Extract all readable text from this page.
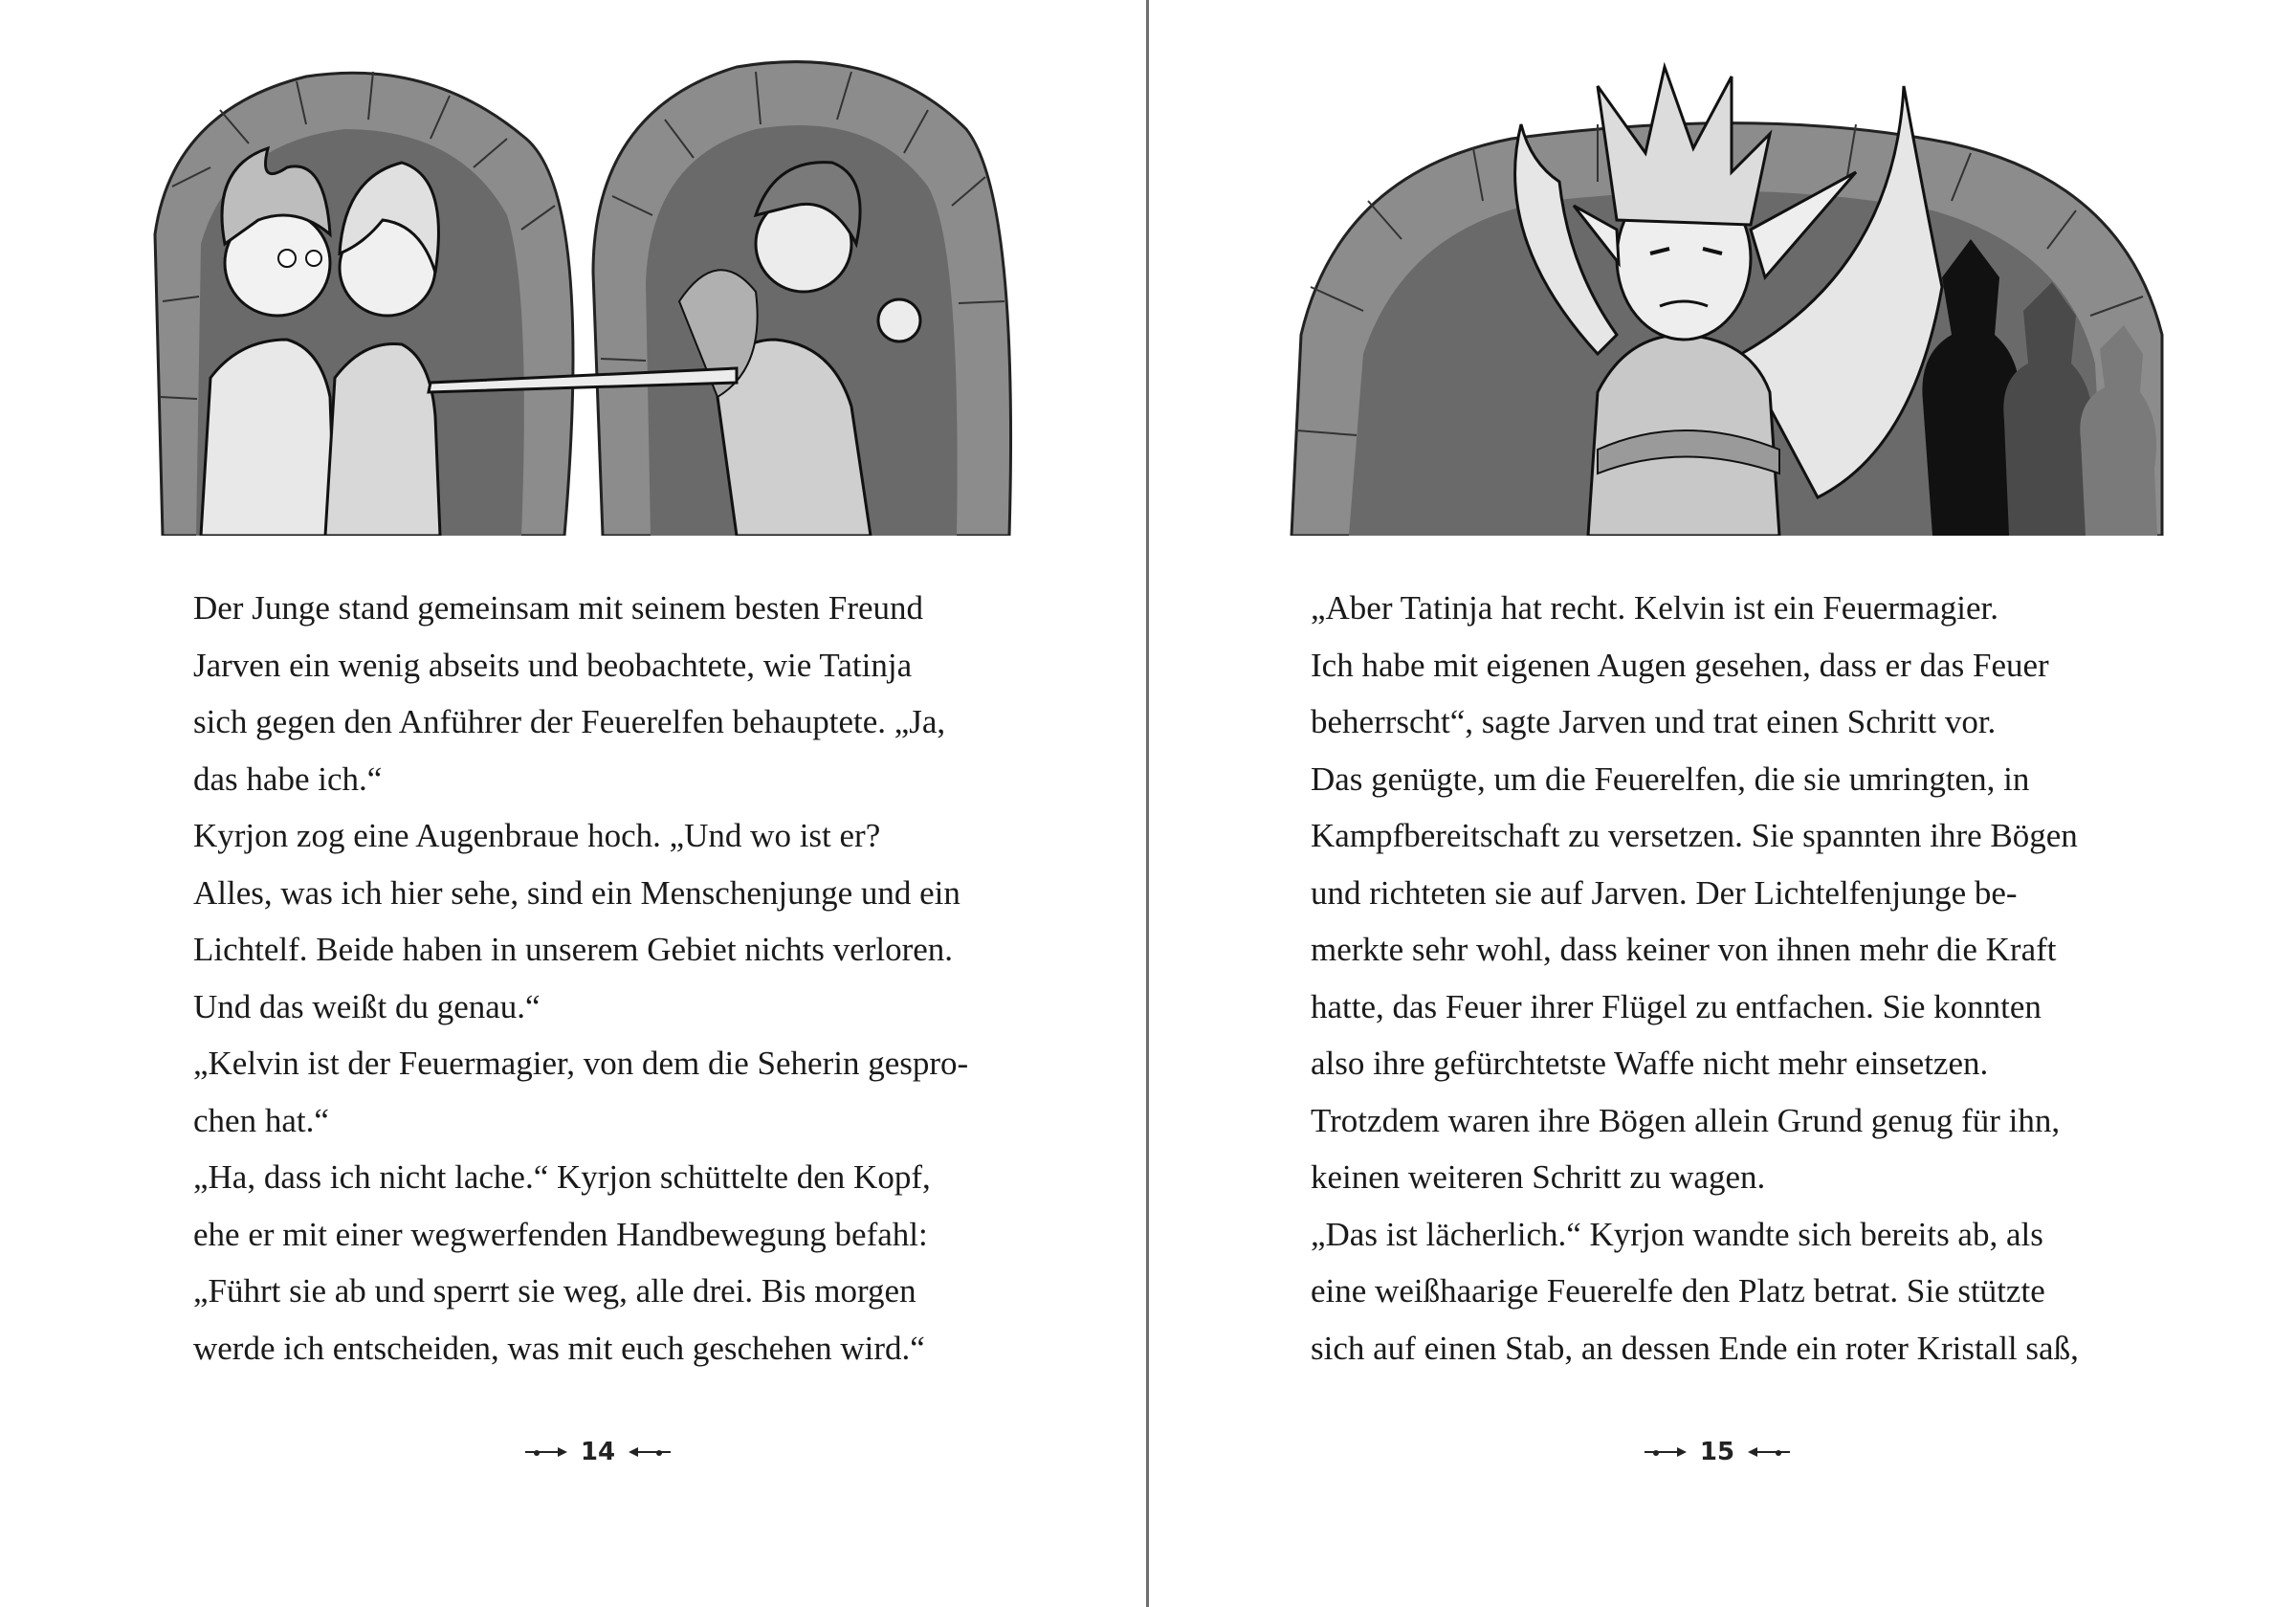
Der Junge stand gemeinsam mit seinem besten Freund
Jarven ein wenig abseits und beobachtete, wie Tatinja
sich gegen den Anführer der Feuerelfen behauptete. „Ja,
das habe ich.“
Kyrjon zog eine Augenbraue hoch. „Und wo ist er?
Alles, was ich hier sehe, sind ein Menschenjunge und ein
Lichtelf. Beide haben in unserem Gebiet nichts verloren.
Und das weißt du genau.“
„Kelvin ist der Feuermagier, von dem die Seherin gespro-
chen hat.“
„Ha, dass ich nicht lache.“ Kyrjon schüttelte den Kopf,
ehe er mit einer wegwerfenden Handbewegung befahl:
„Führt sie ab und sperrt sie weg, alle drei. Bis morgen
werde ich entscheiden, was mit euch geschehen wird.“
14
„Aber Tatinja hat recht. Kelvin ist ein Feuermagier.
Ich habe mit eigenen Augen gesehen, dass er das Feuer
beherrscht“, sagte Jarven und trat einen Schritt vor.
Das genügte, um die Feuerelfen, die sie umringten, in
Kampfbereitschaft zu versetzen. Sie spannten ihre Bögen
und richteten sie auf Jarven. Der Lichtelfenjunge be-
merkte sehr wohl, dass keiner von ihnen mehr die Kraft
hatte, das Feuer ihrer Flügel zu entfachen. Sie konnten
also ihre gefürchtetste Waffe nicht mehr einsetzen.
Trotzdem waren ihre Bögen allein Grund genug für ihn,
keinen weiteren Schritt zu wagen.
„Das ist lächerlich.“ Kyrjon wandte sich bereits ab, als
eine weißhaarige Feuerelfe den Platz betrat. Sie stützte
sich auf einen Stab, an dessen Ende ein roter Kristall saß,
15
